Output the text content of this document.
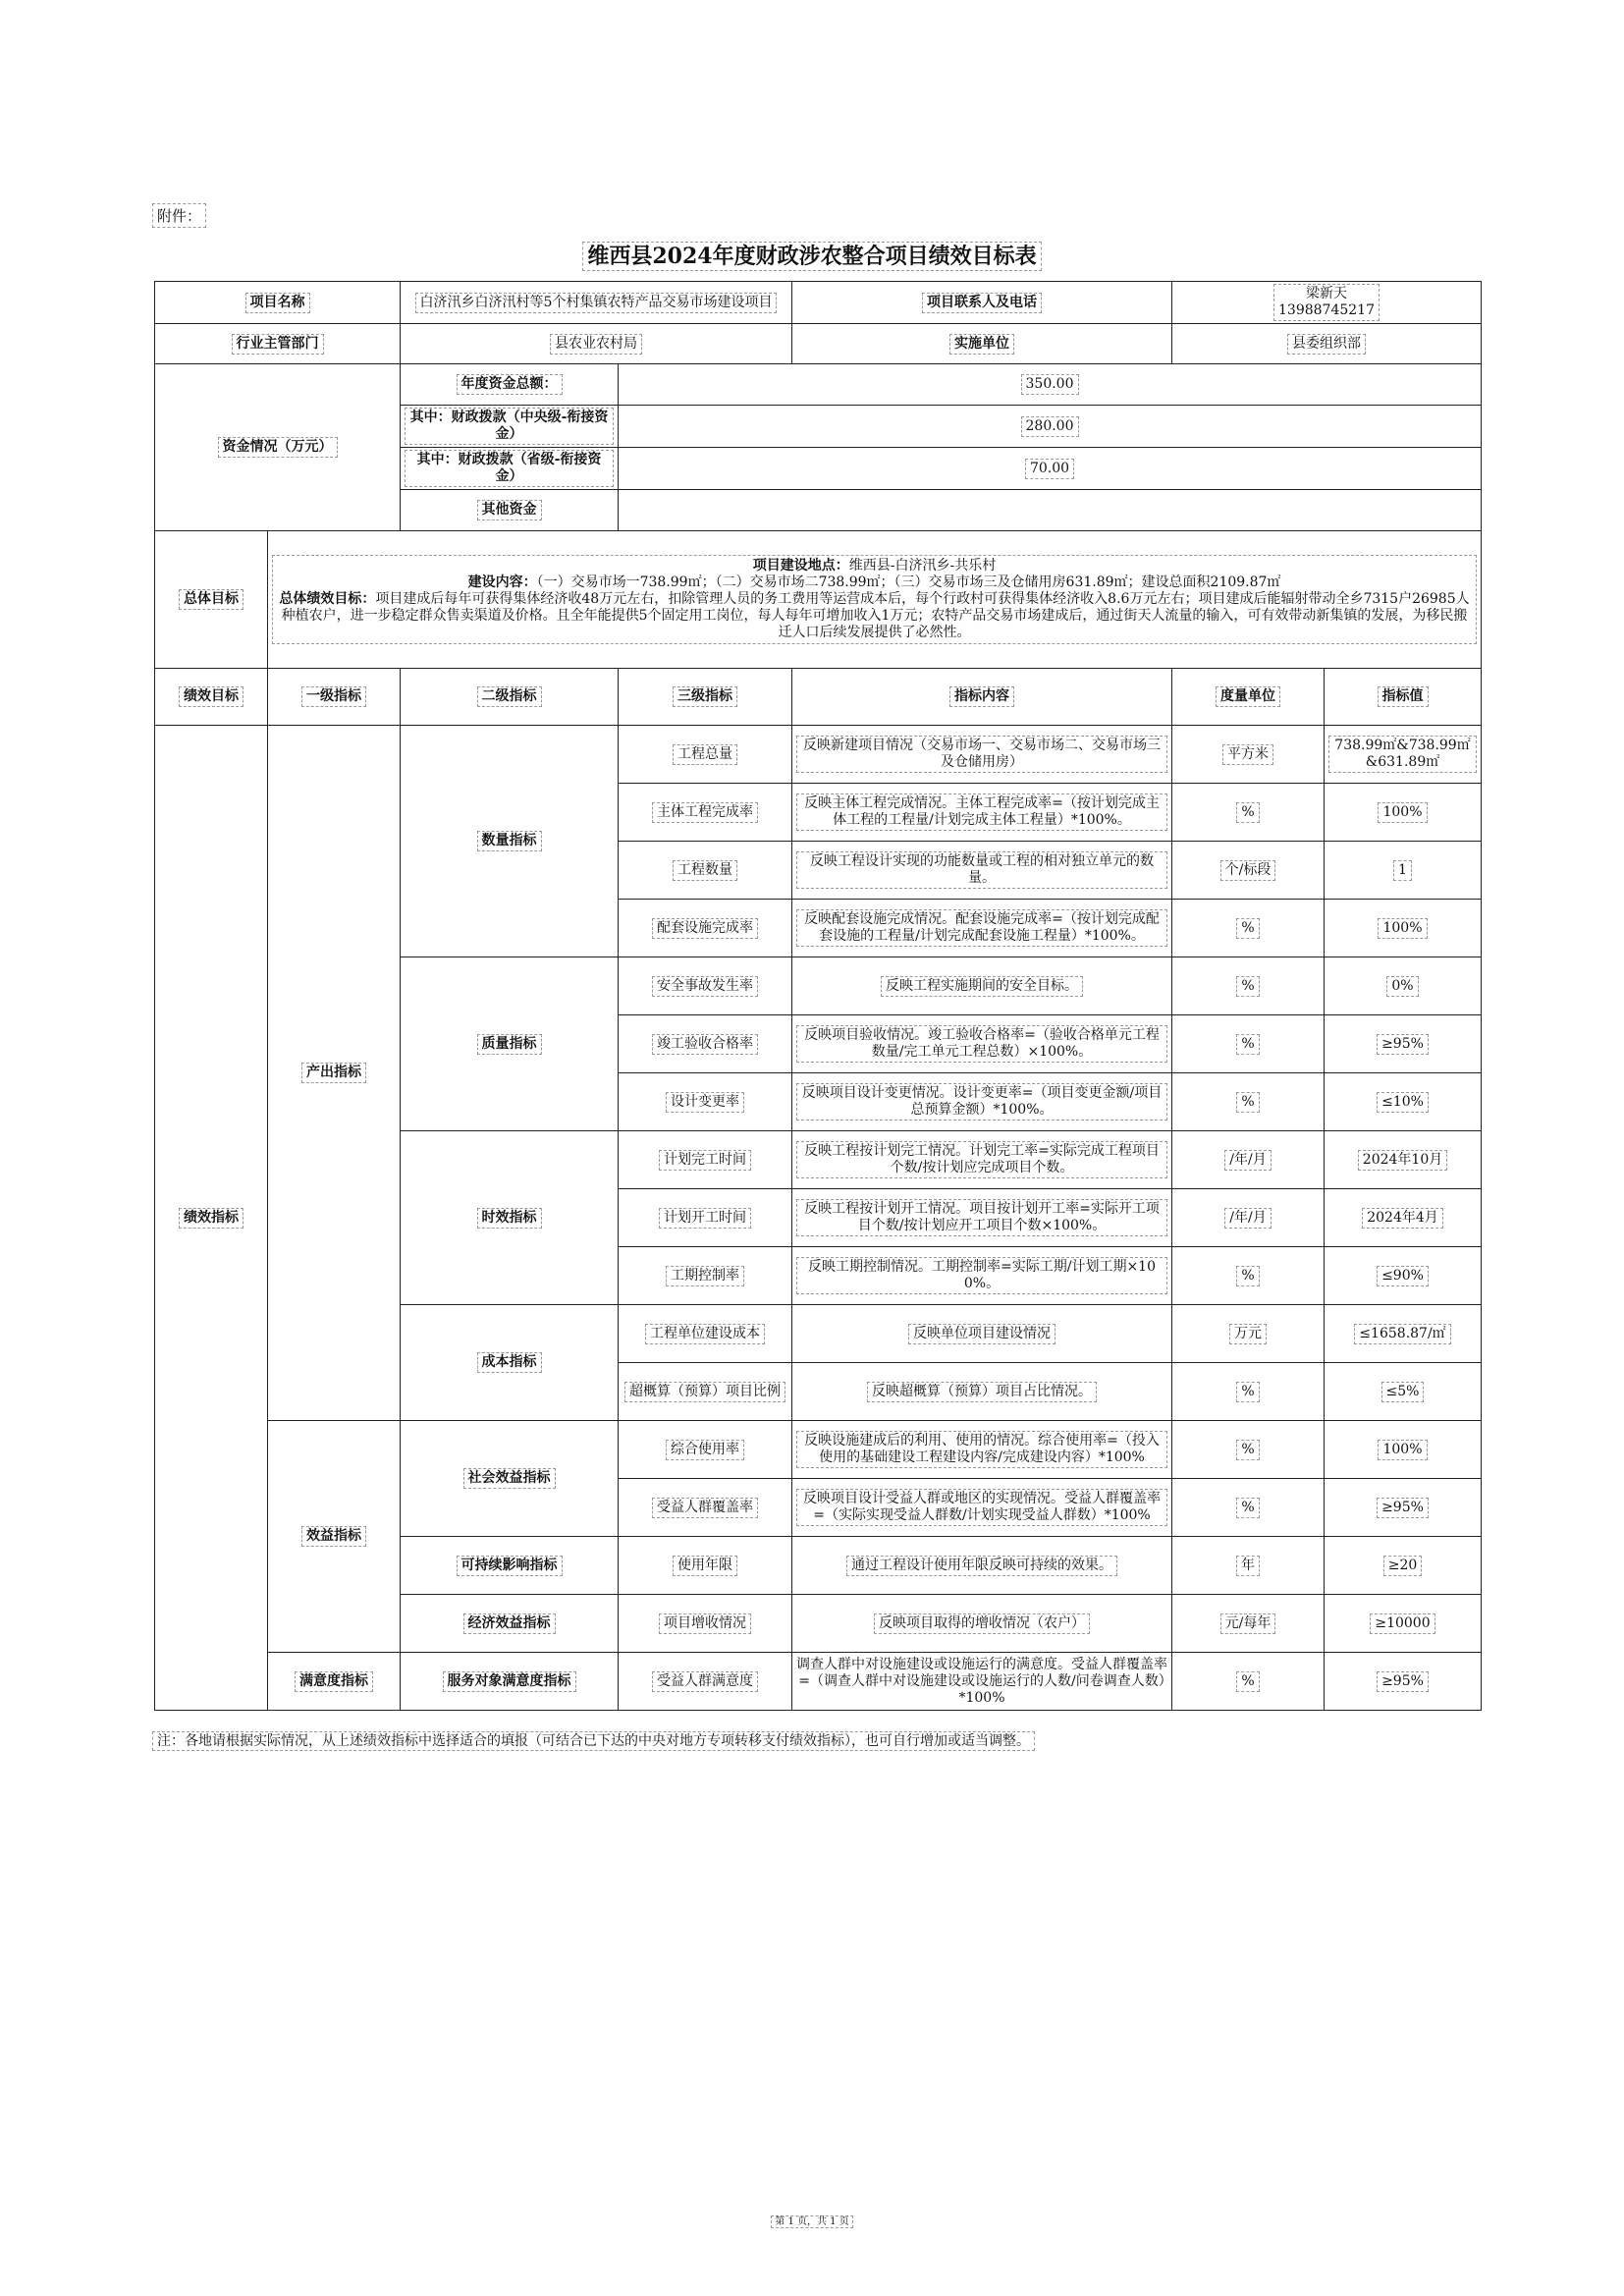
附件：
维西县2024年度财政涉农整合项目绩效目标表
项目名称		白济汛乡白济汛村等5个村集镇农特产品交易市场建设项目		项目联系人及电话	梁新天
13988745217	
行业主管部门		县农业农村局		实施单位	县委组织部	
资金情况（万元）		年度资金总额：	350.00			
		其中：财政拨款（中央级-衔接资金）	280.00			
		其中：财政拨款（省级-衔接资金）	70.00			
		其他资金				
总体目标	项目建设地点：维西县-白济汛乡-共乐村
建设内容：（一）交易市场一738.99㎡；（二）交易市场二738.99㎡；（三）交易市场三及仓储用房631.89㎡；建设总面积2109.87㎡
总体绩效目标：项目建成后每年可获得集体经济收48万元左右，扣除管理人员的务工费用等运营成本后，每个行政村可获得集体经济收入8.6万元左右；项目建成后能辐射带动全乡7315户26985人种植农户，进一步稳定群众售卖渠道及价格。且全年能提供5个固定用工岗位，每人每年可增加收入1万元；农特产品交易市场建成后，通过街天人流量的输入，可有效带动新集镇的发展，为移民搬迁人口后续发展提供了必然性。					

绩效目标	一级指标	二级指标	三级指标	指标内容	度量单位	指标值
绩效指标	产出指标	数量指标	工程总量	反映新建项目情况（交易市场一、交易市场二、交易市场三及仓储用房）	平方米	738.99㎡&738.99㎡&631.89㎡
			主体工程完成率	反映主体工程完成情况。主体工程完成率=（按计划完成主体工程的工程量/计划完成主体工程量）*100%。	%	100%
			工程数量	反映工程设计实现的功能数量或工程的相对独立单元的数量。	个/标段	1
			配套设施完成率	反映配套设施完成情况。配套设施完成率=（按计划完成配套设施的工程量/计划完成配套设施工程量）*100%。	%	100%
		质量指标	安全事故发生率	反映工程实施期间的安全目标。	%	0%
			竣工验收合格率	反映项目验收情况。竣工验收合格率=（验收合格单元工程数量/完工单元工程总数）×100%。	%	≥95%
			设计变更率	反映项目设计变更情况。设计变更率=（项目变更金额/项目总预算金额）*100%。	%	≤10%
		时效指标	计划完工时间	反映工程按计划完工情况。计划完工率=实际完成工程项目个数/按计划应完成项目个数。	/年/月	2024年10月
			计划开工时间	反映工程按计划开工情况。项目按计划开工率=实际开工项目个数/按计划应开工项目个数×100%。	/年/月	2024年4月
			工期控制率	反映工期控制情况。工期控制率=实际工期/计划工期×100%。	%	≤90%
		成本指标	工程单位建设成本	反映单位项目建设情况	万元	≤1658.87/㎡
			超概算（预算）项目比例	反映超概算（预算）项目占比情况。	%	≤5%
	效益指标	社会效益指标	综合使用率	反映设施建成后的利用、使用的情况。综合使用率=（投入使用的基础建设工程建设内容/完成建设内容）*100%	%	100%
			受益人群覆盖率	反映项目设计受益人群或地区的实现情况。受益人群覆盖率=（实际实现受益人群数/计划实现受益人群数）*100%	%	≥95%
		可持续影响指标	使用年限	通过工程设计使用年限反映可持续的效果。	年	≥20
		经济效益指标	项目增收情况	反映项目取得的增收情况（农户）	元/每年	≥10000
	满意度指标	服务对象满意度指标	受益人群满意度	调查人群中对设施建设或设施运行的满意度。受益人群覆盖率=（调查人群中对设施建设或设施运行的人数/问卷调查人数）*100%	%	≥95%
注：各地请根据实际情况，从上述绩效指标中选择适合的填报（可结合已下达的中央对地方专项转移支付绩效指标），也可自行增加或适当调整。
第 1 页，共 1 页
